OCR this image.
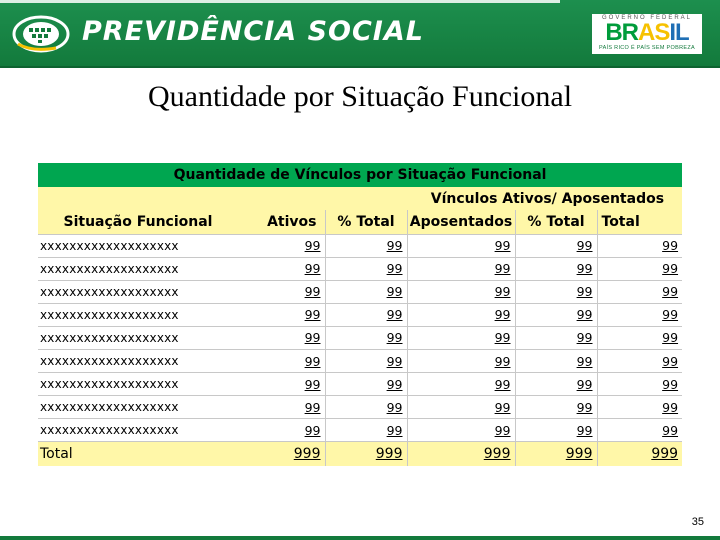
PREVIDÊNCIA SOCIAL	GOVERNO FEDERAL
BRASIL
PAÍS RICO É PAÍS SEM POBREZA
Quantidade por Situação Funcional
Quantidade de Vínculos por Situação Funcional					
		Vínculos Ativos/ Aposentados			
Situação Funcional	Ativos	% Total	Aposentados	% Total	Total
xxxxxxxxxxxxxxxxxxx	99	99	99	99	99
xxxxxxxxxxxxxxxxxxx	99	99	99	99	99
xxxxxxxxxxxxxxxxxxx	99	99	99	99	99
xxxxxxxxxxxxxxxxxxx	99	99	99	99	99
xxxxxxxxxxxxxxxxxxx	99	99	99	99	99
xxxxxxxxxxxxxxxxxxx	99	99	99	99	99
xxxxxxxxxxxxxxxxxxx	99	99	99	99	99
xxxxxxxxxxxxxxxxxxx	99	99	99	99	99
xxxxxxxxxxxxxxxxxxx	99	99	99	99	99
Total	999	999	999	999	999
35
